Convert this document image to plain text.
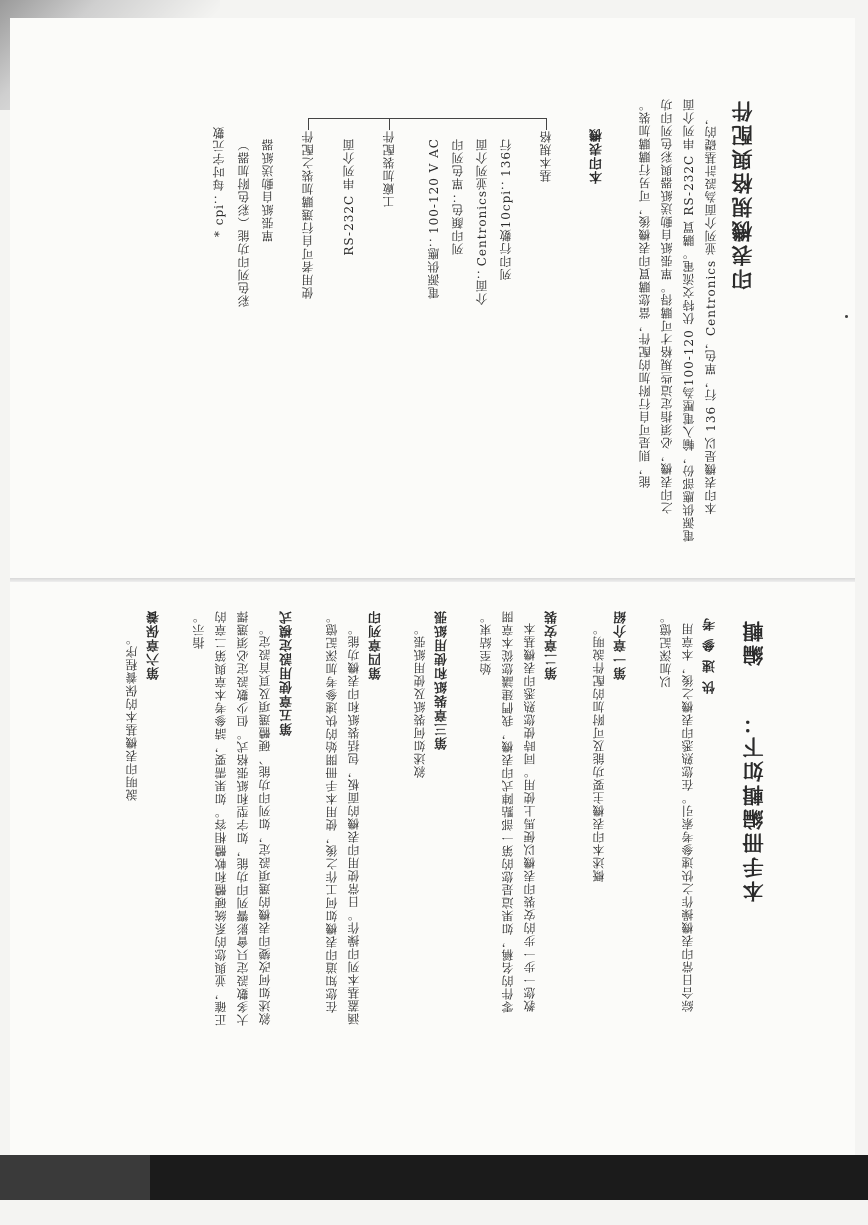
印表機規格與配件
本印表機是以 136 行，單色，Centronics 並列介面為設計基礎的，
電源供應部份，輸入電壓為100-120 伏特交流電。購買 RS-232C 串列介面
之印表機，必須指定這些規格才可購得。單張紙自動送紙器與彩色列印功
能，則是可自行附加的配件，當您購買印表機後，可另行購購加裝。
本印表機
基本規格
列印行數10cpi：136行
介面：Centronics並列介面
列印顏色：單色列印
電源供應：100-120 V AC
工廠加裝配件
RS-232C 串列介面
使用者可自行選購加裝之配件
單張紙自動送紙器
彩色列印功能（彩色附加器）
* cpi：每吋字元數
編輯
本手冊編輯如下：
快速參考
綜合日常印表機操作之快速參考索引。在您熟悉印表機之後，本章用
以加深記憶。
第一章介紹
概述本印表機主要功能及可附加的配件說明。
第二章安裝
教您一步一步的安裝印表機以便馬上使用。同時使您熟悉印表機基本
零件的名稱，如果這是您的第一部點陣式印表機，我們建議您從本章開
始至結束。
第三章裝紙和使用紙張
敘述如何裝紙及使用紙張。
第四章列印
涵蓋基本列印操作。日常使用印表機的面板，包括裝紙和印表機功能。
在您知道印表機如何工作之後，使用本手冊開始的快速參考加深記憶。
第五章使用設定模式
敘述如何改變印表機的選項設定，如列印功能、硬體選項及頁首設定。
大多數設定只會影響列印功能，如字型和紙張格式。但少數設定必須選擇
正確，並與您的系統硬體和軟體相容。如果需要，請參考本章與第二章的
指示。
第六章保養
說明印表機基本的保養程序。
